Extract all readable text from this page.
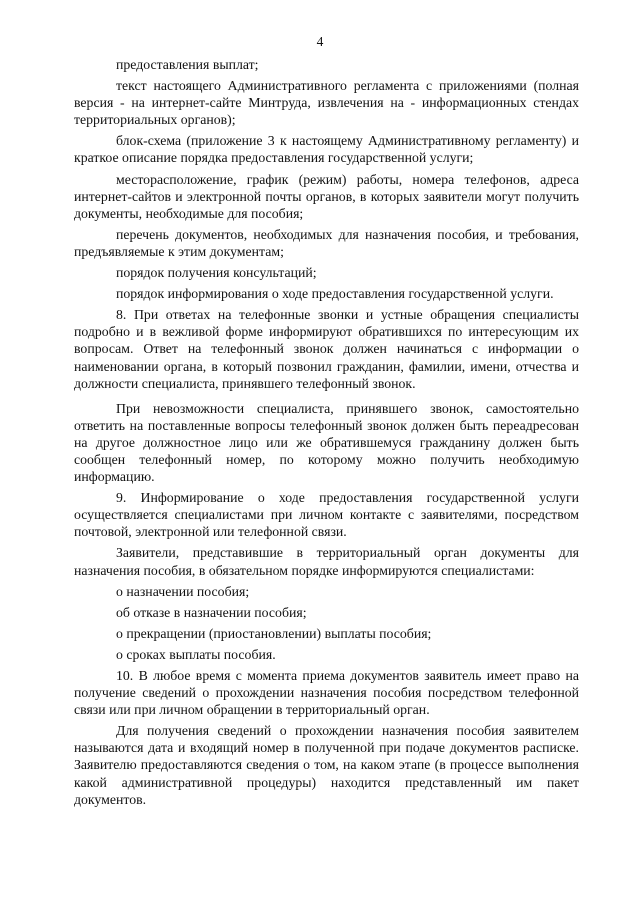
4

предоставления выплат;

текст настоящего Административного регламента с приложениями (полная версия - на интернет-сайте Минтруда, извлечения на - информационных стендах территориальных органов);

блок-схема (приложение 3 к настоящему Административному регламенту) и краткое описание порядка предоставления государственной услуги;

месторасположение, график (режим) работы, номера телефонов, адреса интернет-сайтов и электронной почты органов, в которых заявители могут получить документы, необходимые для пособия;

перечень документов, необходимых для назначения пособия, и требования, предъявляемые к этим документам;

порядок получения консультаций;

порядок информирования о ходе предоставления государственной услуги.

8. При ответах на телефонные звонки и устные обращения специалисты подробно и в вежливой форме информируют обратившихся по интересующим их вопросам. Ответ на телефонный звонок должен начинаться с информации о наименовании органа, в который позвонил гражданин, фамилии, имени, отчества и должности специалиста, принявшего телефонный звонок.

При невозможности специалиста, принявшего звонок, самостоятельно ответить на поставленные вопросы телефонный звонок должен быть переадресован на другое должностное лицо или же обратившемуся гражданину должен быть сообщен телефонный номер, по которому можно получить необходимую информацию.

9. Информирование о ходе предоставления государственной услуги осуществляется специалистами при личном контакте с заявителями, посредством почтовой, электронной или телефонной связи.

Заявители, представившие в территориальный орган документы для назначения пособия, в обязательном порядке информируются специалистами:

о назначении пособия;

об отказе в назначении пособия;

о прекращении (приостановлении) выплаты пособия;

о сроках выплаты пособия.

10. В любое время с момента приема документов заявитель имеет право на получение сведений о прохождении назначения пособия посредством телефонной связи или при личном обращении в территориальный орган.

Для получения сведений о прохождении назначения пособия заявителем называются дата и входящий номер в полученной при подаче документов расписке. Заявителю предоставляются сведения о том, на каком этапе (в процессе выполнения какой административной процедуры) находится представленный им пакет документов.
